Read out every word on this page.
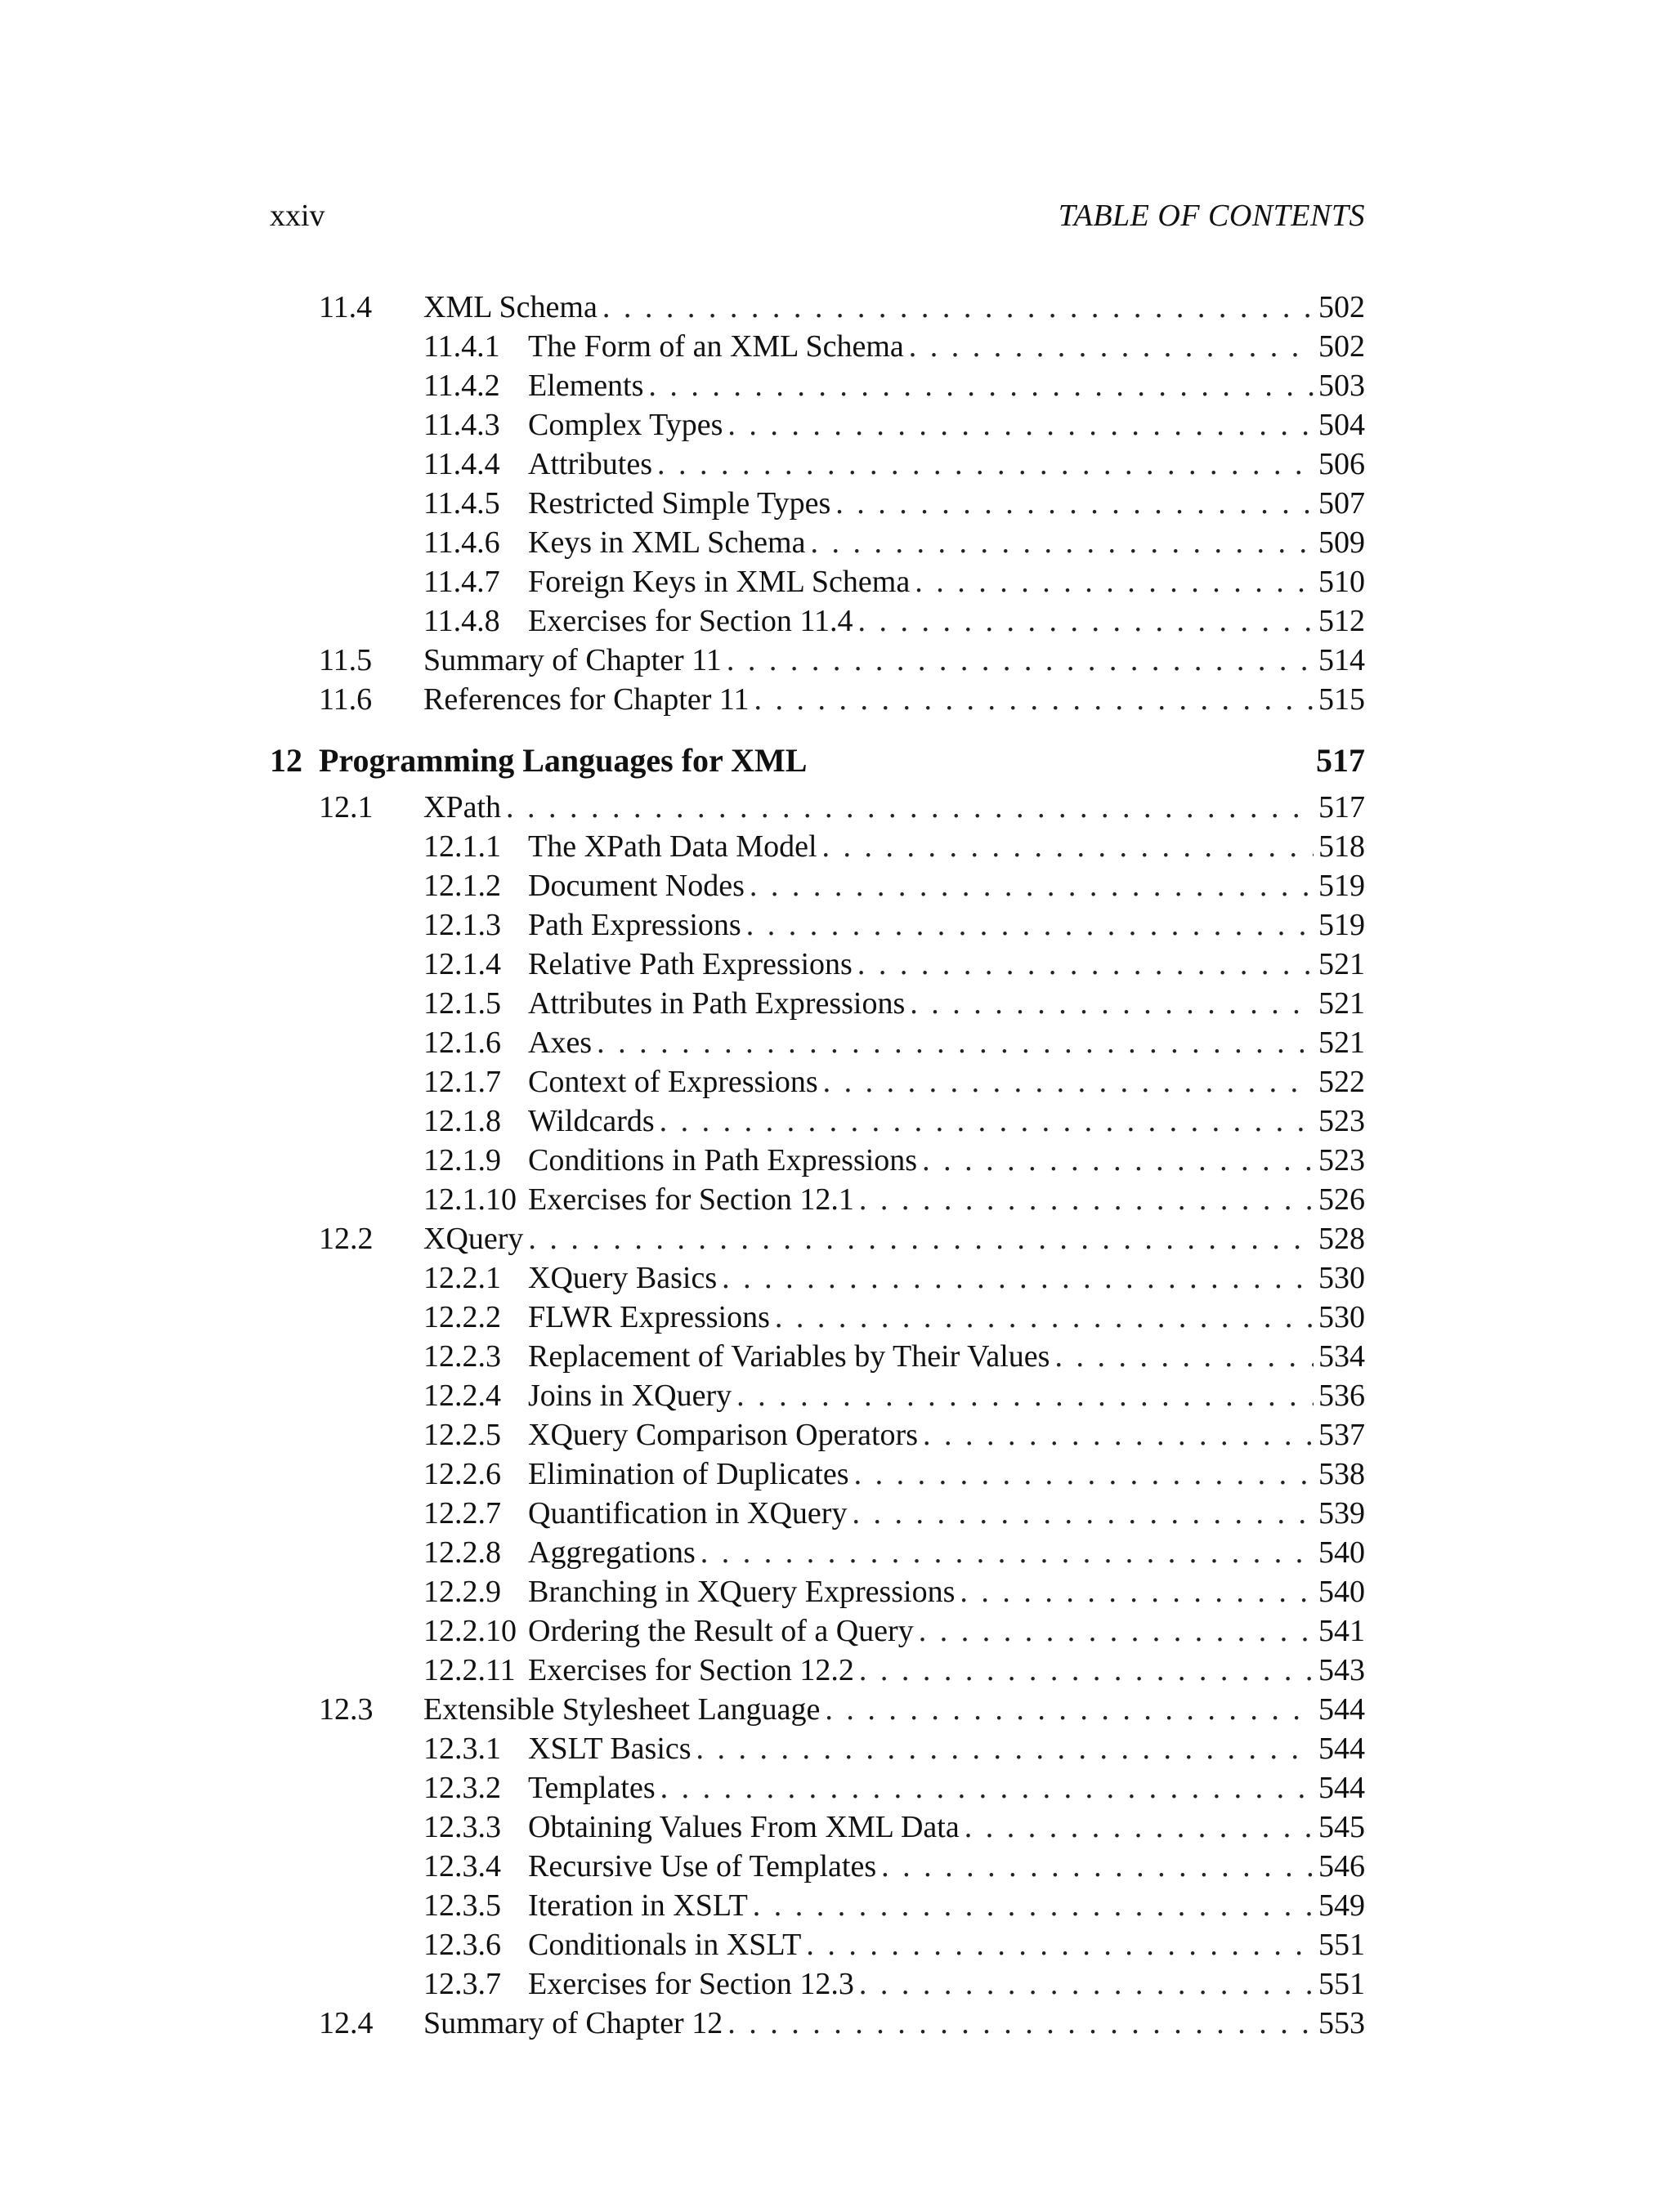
xxiv	TABLE OF CONTENTS
11.4	XML Schema . . .	502
11.4.1 The Form of an XML Schema . . .	502
11.4.2 Elements . . .	503
11.4.3 Complex Types . . .	504
11.4.4 Attributes . . .	506
11.4.5 Restricted Simple Types . . .	507
11.4.6 Keys in XML Schema . . .	509
11.4.7 Foreign Keys in XML Schema . . .	510
11.4.8 Exercises for Section 11.4 . . .	512
11.5	Summary of Chapter 11 . . .	514
11.6	References for Chapter 11 . . .	515
12 Programming Languages for XML	517
12.1	XPath . . .	517
12.1.1 The XPath Data Model . . .	518
12.1.2 Document Nodes . . .	519
12.1.3 Path Expressions . . .	519
12.1.4 Relative Path Expressions . . .	521
12.1.5 Attributes in Path Expressions . . .	521
12.1.6 Axes . . .	521
12.1.7 Context of Expressions . . .	522
12.1.8 Wildcards . . .	523
12.1.9 Conditions in Path Expressions . . .	523
12.1.10 Exercises for Section 12.1 . . .	526
12.2	XQuery . . .	528
12.2.1 XQuery Basics . . .	530
12.2.2 FLWR Expressions . . .	530
12.2.3 Replacement of Variables by Their Values . . .	534
12.2.4 Joins in XQuery . . .	536
12.2.5 XQuery Comparison Operators . . .	537
12.2.6 Elimination of Duplicates . . .	538
12.2.7 Quantification in XQuery . . .	539
12.2.8 Aggregations . . .	540
12.2.9 Branching in XQuery Expressions . . .	540
12.2.10 Ordering the Result of a Query . . .	541
12.2.11 Exercises for Section 12.2 . . .	543
12.3	Extensible Stylesheet Language . . .	544
12.3.1 XSLT Basics . . .	544
12.3.2 Templates . . .	544
12.3.3 Obtaining Values From XML Data . . .	545
12.3.4 Recursive Use of Templates . . .	546
12.3.5 Iteration in XSLT . . .	549
12.3.6 Conditionals in XSLT . . .	551
12.3.7 Exercises for Section 12.3 . . .	551
12.4	Summary of Chapter 12 . . .	553
